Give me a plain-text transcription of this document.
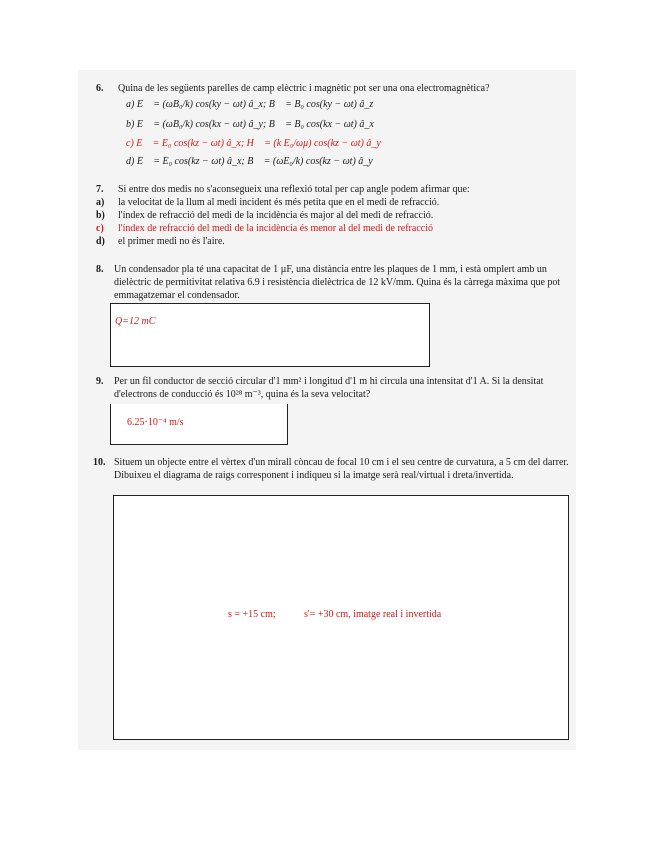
6. Quina de les següents parelles de camp elèctric i magnètic pot ser una ona electromagnètica?
a) E⃗ = (ωB₀/k) cos(ky − ωt) â_x; B⃗ = B₀ cos(ky − ωt) â_z
b) E⃗ = (ωB₀/k) cos(kx − ωt) â_y; B⃗ = B₀ cos(kx − ωt) â_x
c) E⃗ = E₀ cos(kz − ωt) â_x; H⃗ = (k E₀/ωμ) cos(kz − ωt) â_y
d) E⃗ = E₀ cos(kz − ωt) â_x; B⃗ = (ωE₀/k) cos(kz − ωt) â_y
7. Si entre dos medis no s'aconsegueix una reflexió total per cap angle podem afirmar que:
a) la velocitat de la llum al medi incident és més petita que en el medi de refracció.
b) l'índex de refracció del medi de la incidència és major al del medi de refracció.
c) l'índex de refracció del medi de la incidència és menor al del medi de refracció
d) el primer medi no és l'aire.
8. Un condensador pla té una capacitat de 1 µF, una distància entre les plaques de 1 mm, i està omplert amb un dielèctric de permitivitat relativa 6.9 i resistència dielèctrica de 12 kV/mm. Quina és la càrrega màxima que pot emmagatzemar el condensador.
Q=12 mC
9. Per un fil conductor de secció circular d'1 mm² i longitud d'1 m hi circula una intensitat d'1 A. Si la densitat d'electrons de conducció és 10²⁸ m⁻³, quina és la seva velocitat?
6.25·10⁻⁴ m/s
10. Situem un objecte entre el vèrtex d'un mirall còncau de focal 10 cm i el seu centre de curvatura, a 5 cm del darrer. Dibuixeu el diagrama de raigs corresponent i indiqueu si la imatge serà real/virtual i dreta/invertida.
s = +15 cm;	s'= +30 cm, imatge real i invertida
